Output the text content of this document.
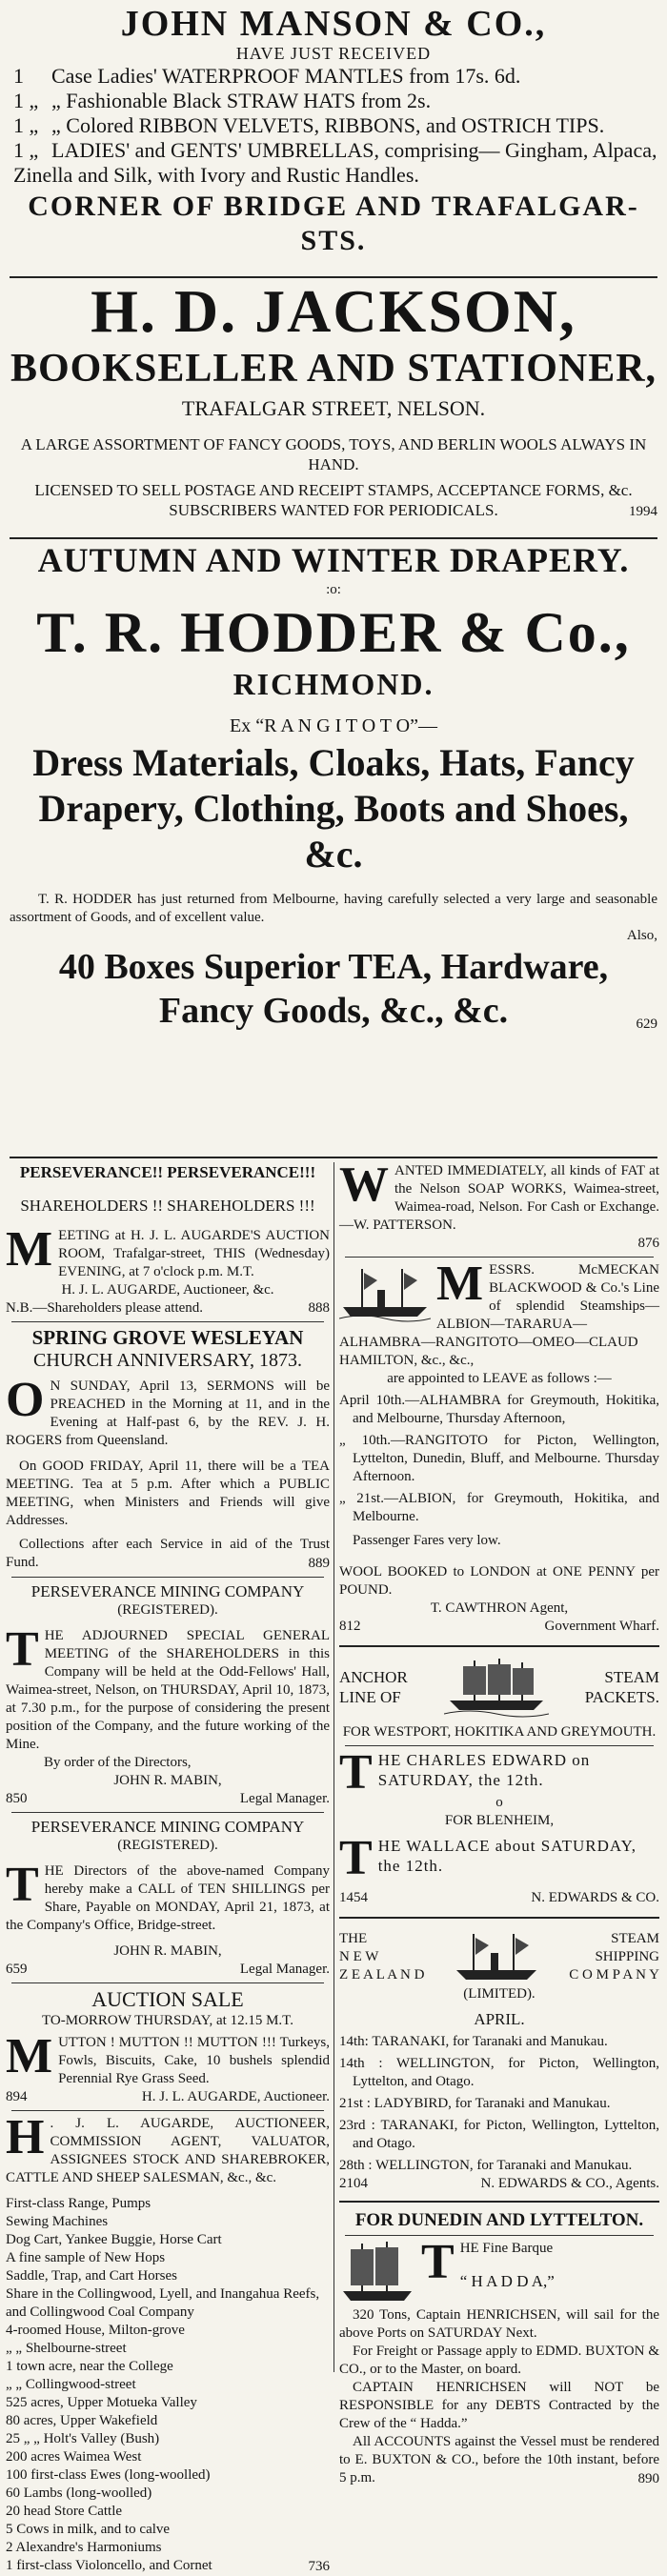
JOHN MANSON & CO.,
HAVE JUST RECEIVED
1 Case Ladies' WATERPROOF MANTLES from 17s. 6d.
1 „ „ Fashionable Black STRAW HATS from 2s.
1 „ „ Colored RIBBON VELVETS, RIBBONS, and OSTRICH TIPS.
1 „ LADIES' and GENTS' UMBRELLAS, comprising— Gingham, Alpaca, Zinella and Silk, with Ivory and Rustic Handles.
CORNER OF BRIDGE AND TRAFALGAR-STS.
H. D. JACKSON,
BOOKSELLER AND STATIONER,
TRAFALGAR STREET, NELSON.
A LARGE ASSORTMENT OF FANCY GOODS, TOYS, AND BERLIN WOOLS ALWAYS IN HAND.
LICENSED TO SELL POSTAGE AND RECEIPT STAMPS, ACCEPTANCE FORMS, &c. SUBSCRIBERS WANTED FOR PERIODICALS.	1994
AUTUMN AND WINTER DRAPERY.
:o:
T. R. HODDER & Co.,
RICHMOND.
Ex “R A N G I T O T O”—
Dress Materials, Cloaks, Hats, Fancy Drapery, Clothing, Boots and Shoes, &c.
T. R. HODDER has just returned from Melbourne, having carefully selected a very large and seasonable assortment of Goods, and of excellent value.
Also,
40 Boxes Superior TEA, Hardware, Fancy Goods, &c., &c.	629
PERSEVERANCE!! PERSEVERANCE!!!
SHAREHOLDERS !! SHAREHOLDERS !!!
MEETING at H. J. L. AUGARDE'S AUCTION ROOM, Trafalgar-street, THIS (Wednesday) EVENING, at 7 o'clock p.m. M.T.
H. J. L. AUGARDE, Auctioneer, &c.
N.B.—Shareholders please attend.	888
SPRING GROVE WESLEYAN
CHURCH ANNIVERSARY, 1873.
O N SUNDAY, April 13, SERMONS will be PREACHED in the Morning at 11, and in the Evening at Half-past 6, by the REV. J. H. ROGERS from Queensland.
On GOOD FRIDAY, April 11, there will be a TEA MEETING. Tea at 5 p.m. After which a PUBLIC MEETING, when Ministers and Friends will give Addresses.
Collections after each Service in aid of the Trust Fund.	889
PERSEVERANCE MINING COMPANY
(REGISTERED).
THE ADJOURNED SPECIAL GENERAL MEETING of the SHAREHOLDERS in this Company will be held at the Odd-Fellows' Hall, Waimea-street, Nelson, on THURSDAY, April 10, 1873, at 7.30 p.m., for the purpose of considering the present position of the Company, and the future working of the Mine.
By order of the Directors,
JOHN R. MABIN,
850	Legal Manager.
PERSEVERANCE MINING COMPANY
(REGISTERED).
THE Directors of the above-named Company hereby make a CALL of TEN SHILLINGS per Share, Payable on MONDAY, April 21, 1873, at the Company's Office, Bridge-street.
JOHN R. MABIN,
659	Legal Manager.
AUCTION SALE
TO-MORROW THURSDAY, at 12.15 M.T.
MUTTON ! MUTTON !! MUTTON !!! Turkeys, Fowls, Biscuits, Cake, 10 bushels splendid Perennial Rye Grass Seed.
894	H. J. L. AUGARDE, Auctioneer.
H . J. L. AUGARDE, AUCTIONEER, COMMISSION AGENT, VALUATOR, ASSIGNEES STOCK AND SHAREBROKER, CATTLE AND SHEEP SALESMAN, &c., &c.
First-class Range, Pumps
Sewing Machines
Dog Cart, Yankee Buggie, Horse Cart
A fine sample of New Hops
Saddle, Trap, and Cart Horses
Share in the Collingwood, Lyell, and Inangahua Reefs, and Collingwood Coal Company
4-roomed House, Milton-grove
„ „ Shelbourne-street
1 town acre, near the College
„ „ Collingwood-street
525 acres, Upper Motueka Valley
80 acres, Upper Wakefield
25 „ „ Holt's Valley (Bush)
200 acres Waimea West
100 first-class Ewes (long-woolled)
60 Lambs (long-woolled)
20 head Store Cattle
5 Cows in milk, and to calve
2 Alexandre's Harmoniums
1 first-class Violoncello, and Cornet	736
WANTED IMMEDIATELY, all kinds of FAT at the Nelson SOAP WORKS, Waimea-street, Waimea-road, Nelson. For Cash or Exchange.—W. PATTERSON.
876
MESSRS. McMECKAN BLACKWOOD & Co.'s Line of splendid Steamships— ALBION—TARARUA—ALHAMBRA—RANGITOTO—OMEO—CLAUD HAMILTON, &c., &c.,
are appointed to LEAVE as follows :—
April 10th.—ALHAMBRA for Greymouth, Hokitika, and Melbourne, Thursday Afternoon,
„ 10th.—RANGITOTO for Picton, Wellington, Lyttelton, Dunedin, Bluff, and Melbourne. Thursday Afternoon.
„ 21st.—ALBION, for Greymouth, Hokitika, and Melbourne.
Passenger Fares very low.
WOOL BOOKED to LONDON at ONE PENNY per POUND.
T. CAWTHRON Agent,
812	Government Wharf.
ANCHOR
LINE OF
STEAM
PACKETS.
FOR WESTPORT, HOKITIKA AND GREYMOUTH.
THE CHARLES EDWARD on SATURDAY, the 12th.
o
FOR BLENHEIM,
THE WALLACE about SATURDAY, the 12th.
1454	N. EDWARDS & CO.
THE
N E W
Z E A L A N D
STEAM
SHIPPING
C O M P A N Y
(LIMITED).
APRIL.
14th: TARANAKI, for Taranaki and Manukau.
14th : WELLINGTON, for Picton, Wellington, Lyttelton, and Otago.
21st : LADYBIRD, for Taranaki and Manukau.
23rd : TARANAKI, for Picton, Wellington, Lyttelton, and Otago.
28th : WELLINGTON, for Taranaki and Manukau.
2104	N. EDWARDS & CO., Agents.
FOR DUNEDIN AND LYTTELTON.
THE Fine Barque
“ H A D D A,”
320 Tons, Captain HENRICHSEN, will sail for the above Ports on SATURDAY Next.
For Freight or Passage apply to EDMD. BUXTON & CO., or to the Master, on board.
CAPTAIN HENRICHSEN will NOT be RESPONSIBLE for any DEBTS Contracted by the Crew of the “ Hadda.”
All ACCOUNTS against the Vessel must be rendered to E. BUXTON & CO., before the 10th instant, before 5 p.m.	890
